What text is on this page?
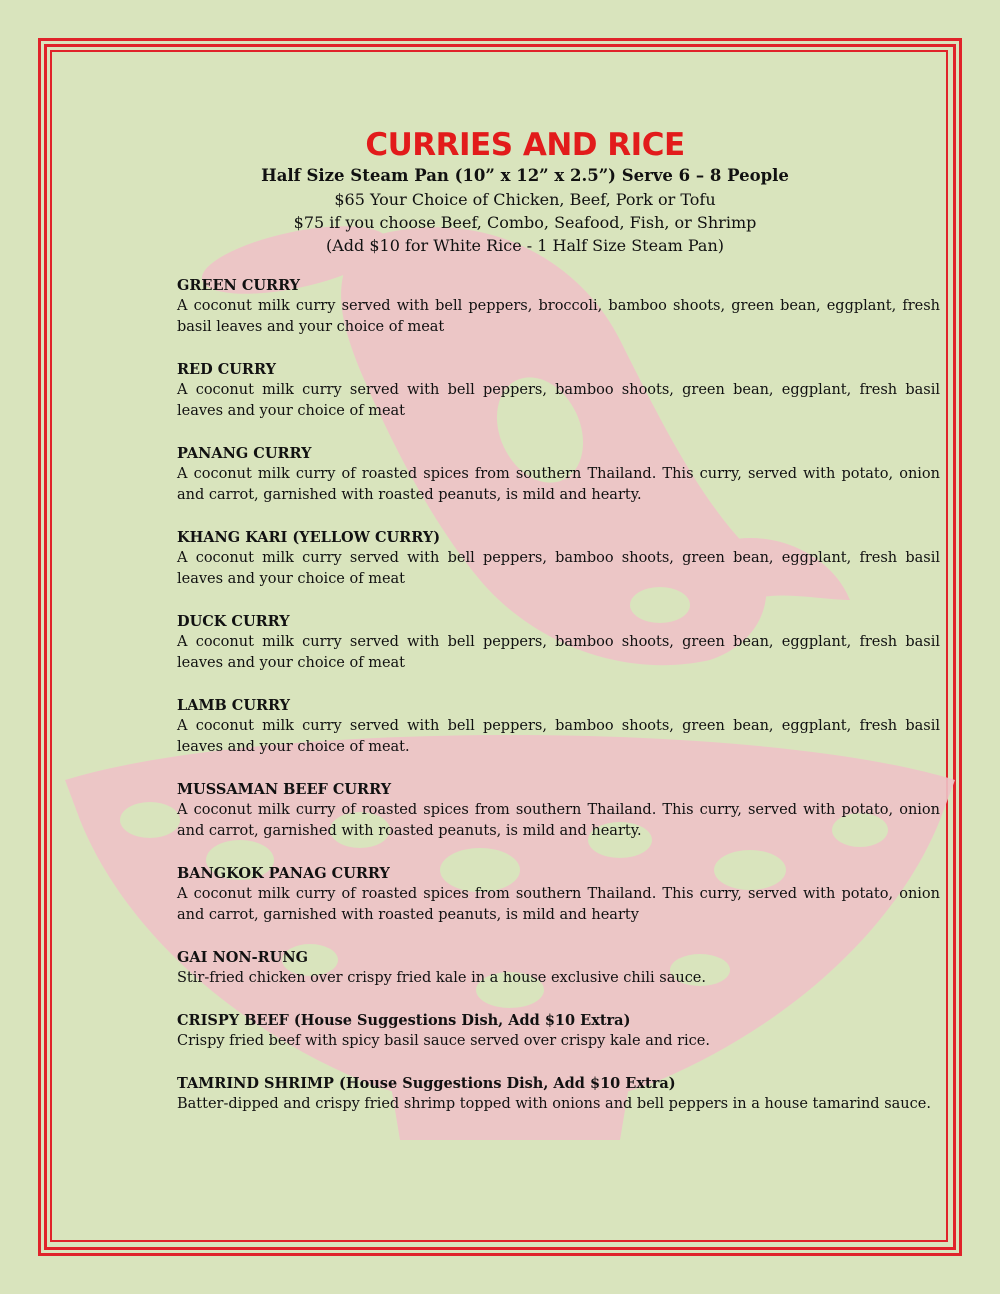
CURRIES AND RICE
Half Size Steam Pan (10” x 12” x 2.5”) Serve 6 – 8 People
$65 Your Choice of Chicken, Beef, Pork or Tofu
$75 if you choose Beef, Combo, Seafood, Fish, or Shrimp
(Add $10 for White Rice - 1 Half Size Steam Pan)
GREEN CURRY
A coconut milk curry served with bell peppers, broccoli, bamboo shoots, green bean, eggplant, fresh basil leaves and your choice of meat
RED CURRY
A coconut milk curry served with bell peppers, bamboo shoots, green bean, eggplant, fresh basil leaves and your choice of meat
PANANG CURRY
A coconut milk curry of roasted spices from southern Thailand. This curry, served with potato, onion and carrot, garnished with roasted peanuts, is mild and hearty.
KHANG KARI (YELLOW CURRY)
A coconut milk curry served with bell peppers, bamboo shoots, green bean, eggplant, fresh basil leaves and your choice of meat
DUCK CURRY
A coconut milk curry served with bell peppers, bamboo shoots, green bean, eggplant, fresh basil leaves and your choice of meat
LAMB CURRY
A coconut milk curry served with bell peppers, bamboo shoots, green bean, eggplant, fresh basil leaves and your choice of meat.
MUSSAMAN BEEF CURRY
A coconut milk curry of roasted spices from southern Thailand. This curry, served with potato, onion and carrot, garnished with roasted peanuts, is mild and hearty.
BANGKOK PANAG CURRY
A coconut milk curry of roasted spices from southern Thailand. This curry, served with potato, onion and carrot, garnished with roasted peanuts, is mild and hearty
GAI NON-RUNG
Stir-fried chicken over crispy fried kale in a house exclusive chili sauce.
CRISPY BEEF (House Suggestions Dish, Add $10 Extra)
Crispy fried beef with spicy basil sauce served over crispy kale and rice.
TAMRIND SHRIMP (House Suggestions Dish, Add $10 Extra)
Batter-dipped and crispy fried shrimp topped with onions and bell peppers in a house tamarind sauce.
